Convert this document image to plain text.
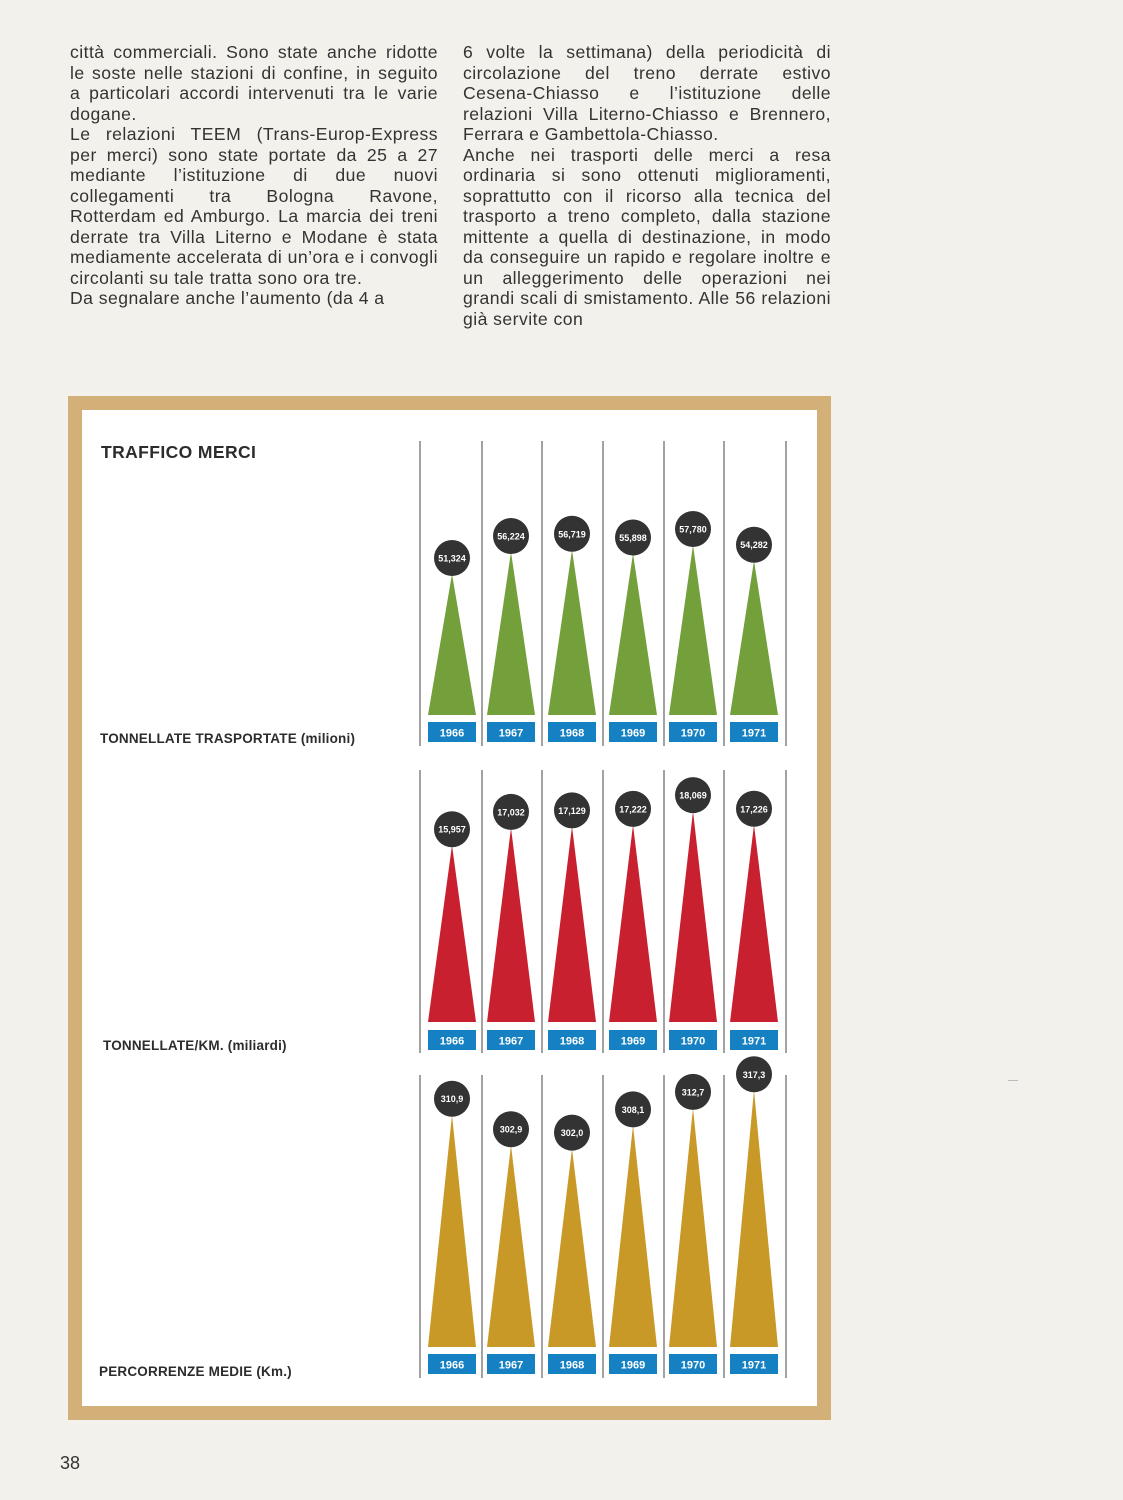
città commerciali. Sono state anche ridotte le soste nelle stazioni di confine, in seguito a particolari accordi intervenuti tra le varie dogane.

Le relazioni TEEM (Trans-Europ-Express per merci) sono state portate da 25 a 27 mediante l’istituzione di due nuovi collegamenti tra Bologna Ravone, Rotterdam ed Amburgo. La marcia dei treni derrate tra Villa Literno e Modane è stata mediamente accelerata di un’ora e i convogli circolanti su tale tratta sono ora tre.

Da segnalare anche l’aumento (da 4 a

6 volte la settimana) della periodicità di circolazione del treno derrate estivo Cesena-Chiasso e l’istituzione delle relazioni Villa Literno-Chiasso e Brennero, Ferrara e Gambettola-Chiasso.

Anche nei trasporti delle merci a resa ordinaria si sono ottenuti miglioramenti, soprattutto con il ricorso alla tecnica del trasporto a treno completo, dalla stazione mittente a quella di destinazione, in modo da conseguire un rapido e regolare inoltre e un alleggerimento delle operazioni nei grandi scali di smistamento. Alle 56 relazioni già servite con

51,324
1966
56,224
1967
56,719
1968
55,898
1969
57,780
1970
54,282
1971
15,957
1966
17,032
1967
17,129
1968
17,222
1969
18,069
1970
17,226
1971
310,9
1966
302,9
1967
302,0
1968
308,1
1969
312,7
1970
317,3
1971
TRAFFICO MERCI
TONNELLATE TRASPORTATE (milioni)
TONNELLATE/KM. (miliardi)
PERCORRENZE MEDIE (Km.)
38
